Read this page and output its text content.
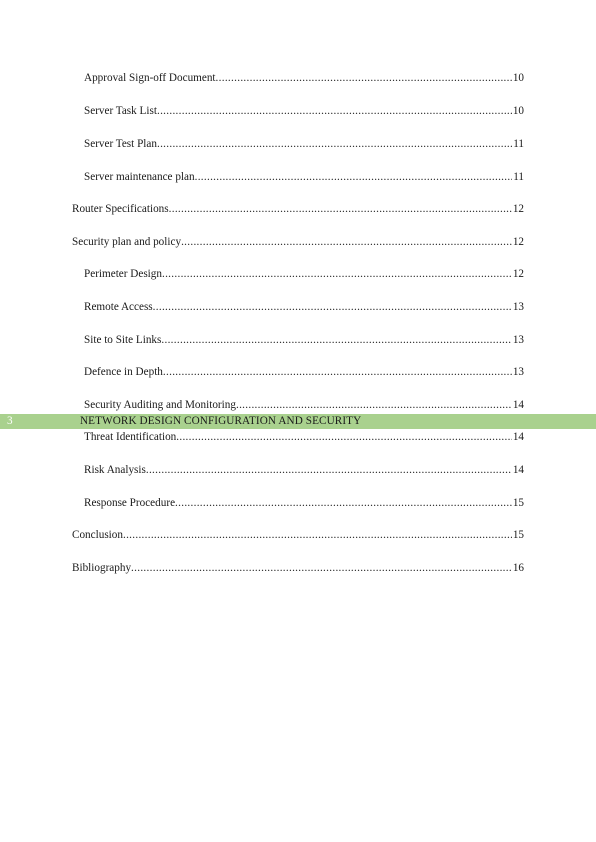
Approval Sign-off Document .....	10
Server Task List .....	10
Server Test Plan .....	11
Server maintenance plan .....	11
Router Specifications .....	12
Security plan and policy .....	12
Perimeter Design .....	12
Remote Access .....	13
Site to Site Links .....	13
Defence in Depth .....	13
Security Auditing and Monitoring .....	14
Threat Identification .....	14
Risk Analysis .....	14
Response Procedure .....	15
Conclusion .....	15
Bibliography .....	16
3	NETWORK DESIGN CONFIGURATION AND SECURITY
